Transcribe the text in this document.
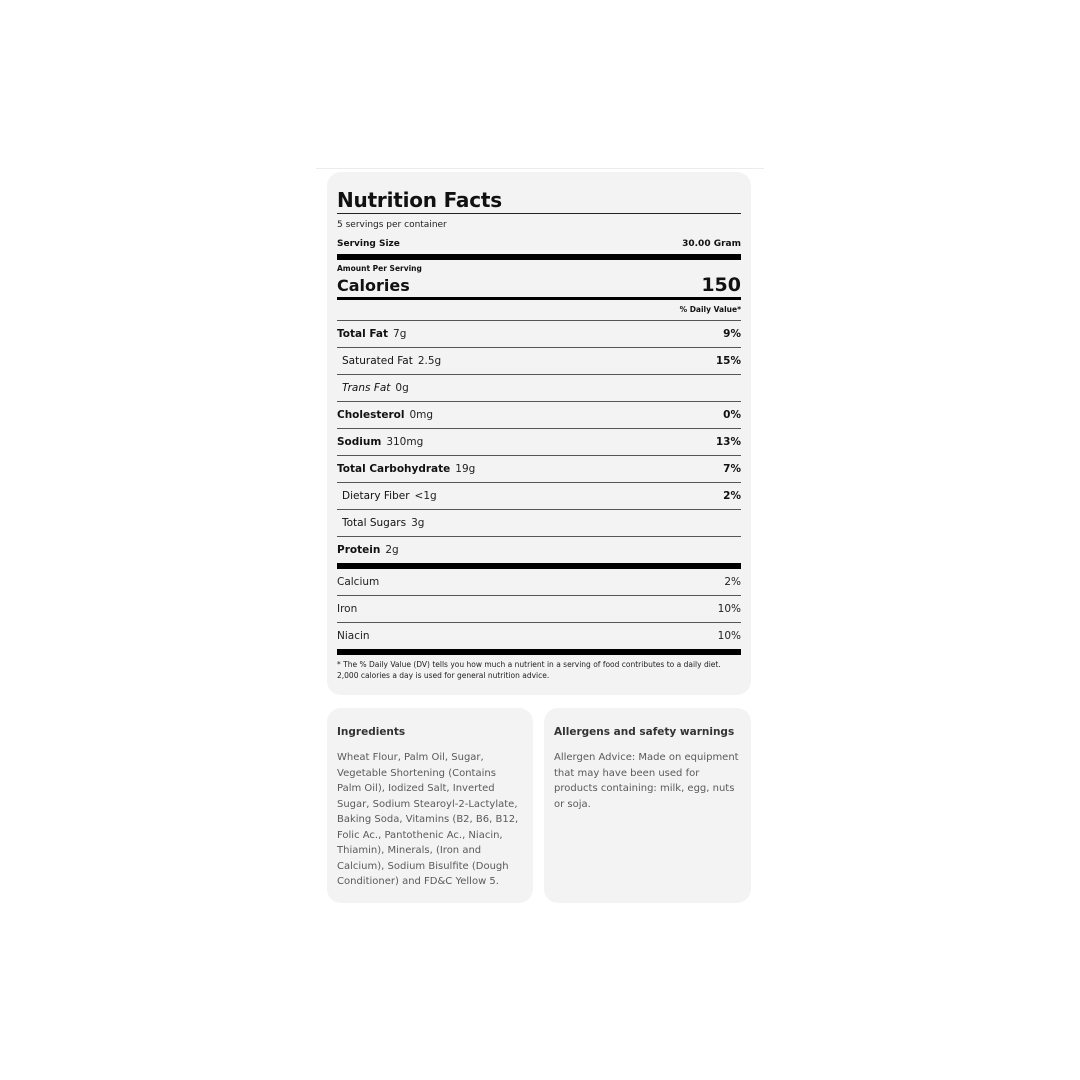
Nutrition Facts
5 servings per container
Serving Size	30.00 Gram
Amount Per Serving
Calories	150
% Daily Value*
Total Fat 7g	9%
Saturated Fat 2.5g	15%
Trans Fat 0g
Cholesterol 0mg	0%
Sodium 310mg	13%
Total Carbohydrate 19g	7%
Dietary Fiber <1g	2%
Total Sugars 3g
Protein 2g
Calcium	2%
Iron	10%
Niacin	10%
* The % Daily Value (DV) tells you how much a nutrient in a serving of food contributes to a daily diet. 2,000 calories a day is used for general nutrition advice.
Ingredients

Wheat Flour, Palm Oil, Sugar, Vegetable Shortening (Contains Palm Oil), Iodized Salt, Inverted Sugar, Sodium Stearoyl-2-Lactylate, Baking Soda, Vitamins (B2, B6, B12, Folic Ac., Pantothenic Ac., Niacin, Thiamin), Minerals, (Iron and Calcium), Sodium Bisulfite (Dough Conditioner) and FD&C Yellow 5.

Allergens and safety warnings

Allergen Advice: Made on equipment that may have been used for products containing: milk, egg, nuts or soja.
